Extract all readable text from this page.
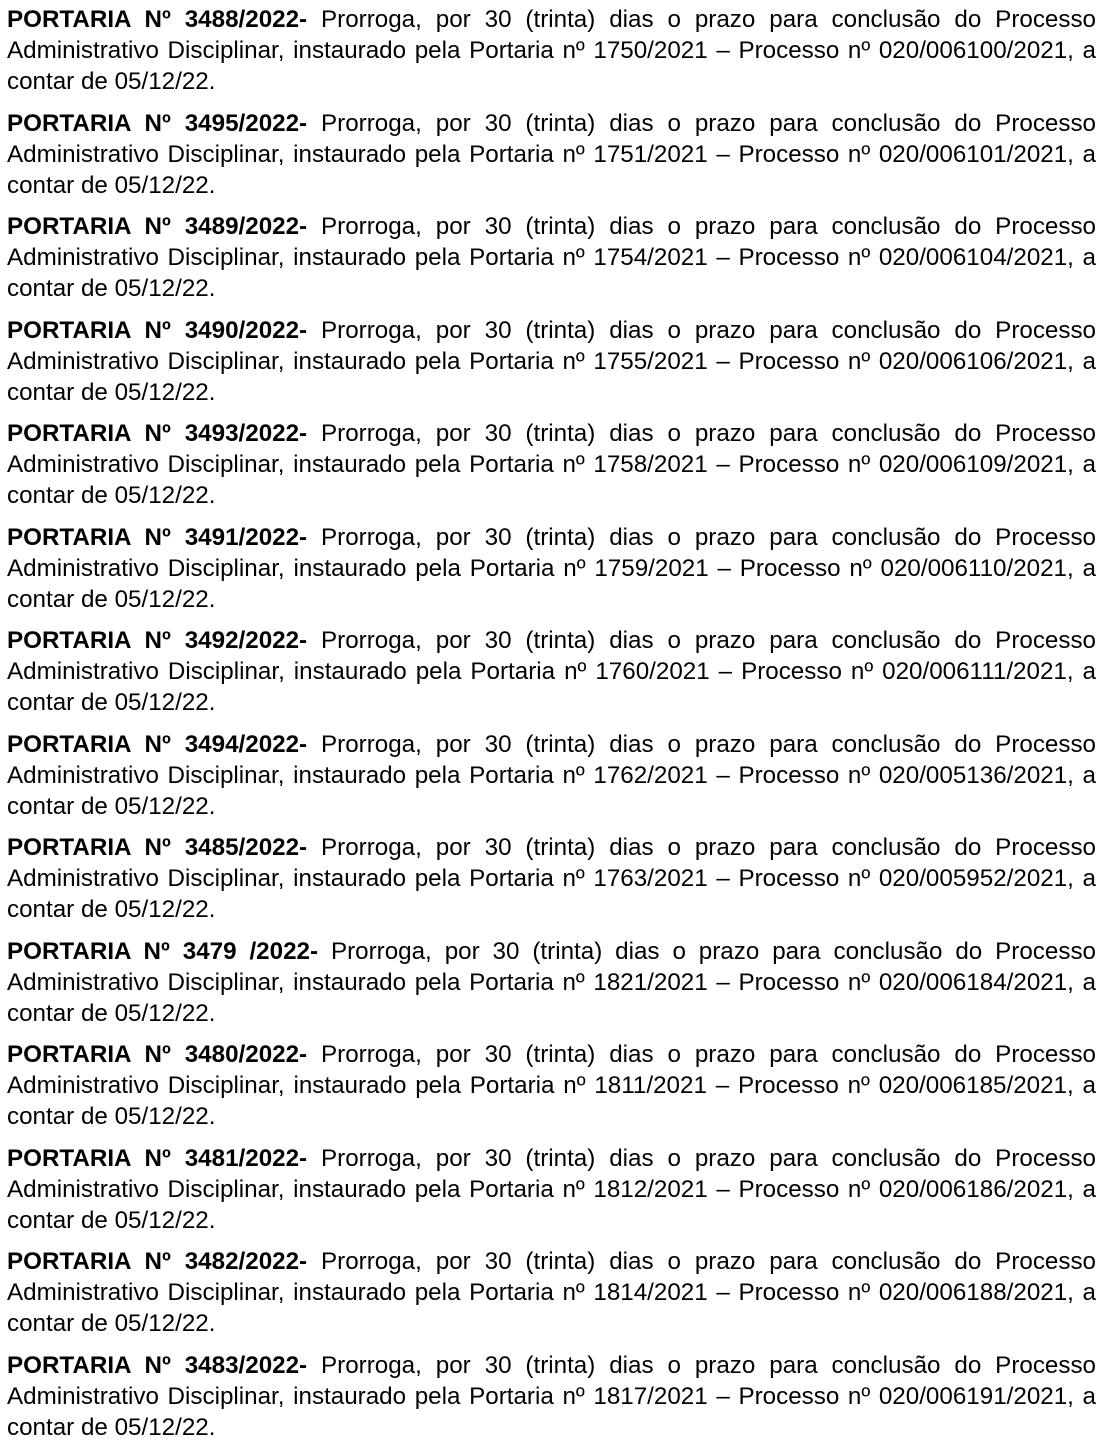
PORTARIA Nº 3488/2022- Prorroga, por 30 (trinta) dias o prazo para conclusão do Processo Administrativo Disciplinar, instaurado pela Portaria nº 1750/2021 – Processo nº 020/006100/2021, a contar de 05/12/22.

PORTARIA Nº 3495/2022- Prorroga, por 30 (trinta) dias o prazo para conclusão do Processo Administrativo Disciplinar, instaurado pela Portaria nº 1751/2021 – Processo nº 020/006101/2021, a contar de 05/12/22.

PORTARIA Nº 3489/2022- Prorroga, por 30 (trinta) dias o prazo para conclusão do Processo Administrativo Disciplinar, instaurado pela Portaria nº 1754/2021 – Processo nº 020/006104/2021, a contar de 05/12/22.

PORTARIA Nº 3490/2022- Prorroga, por 30 (trinta) dias o prazo para conclusão do Processo Administrativo Disciplinar, instaurado pela Portaria nº 1755/2021 – Processo nº 020/006106/2021, a contar de 05/12/22.

PORTARIA Nº 3493/2022- Prorroga, por 30 (trinta) dias o prazo para conclusão do Processo Administrativo Disciplinar, instaurado pela Portaria nº 1758/2021 – Processo nº 020/006109/2021, a contar de 05/12/22.

PORTARIA Nº 3491/2022- Prorroga, por 30 (trinta) dias o prazo para conclusão do Processo Administrativo Disciplinar, instaurado pela Portaria nº 1759/2021 – Processo nº 020/006110/2021, a contar de 05/12/22.

PORTARIA Nº 3492/2022- Prorroga, por 30 (trinta) dias o prazo para conclusão do Processo Administrativo Disciplinar, instaurado pela Portaria nº 1760/2021 – Processo nº 020/006111/2021, a contar de 05/12/22.

PORTARIA Nº 3494/2022- Prorroga, por 30 (trinta) dias o prazo para conclusão do Processo Administrativo Disciplinar, instaurado pela Portaria nº 1762/2021 – Processo nº 020/005136/2021, a contar de 05/12/22.

PORTARIA Nº 3485/2022- Prorroga, por 30 (trinta) dias o prazo para conclusão do Processo Administrativo Disciplinar, instaurado pela Portaria nº 1763/2021 – Processo nº 020/005952/2021, a contar de 05/12/22.

PORTARIA Nº 3479 /2022- Prorroga, por 30 (trinta) dias o prazo para conclusão do Processo Administrativo Disciplinar, instaurado pela Portaria nº 1821/2021 – Processo nº 020/006184/2021, a contar de 05/12/22.

PORTARIA Nº 3480/2022- Prorroga, por 30 (trinta) dias o prazo para conclusão do Processo Administrativo Disciplinar, instaurado pela Portaria nº 1811/2021 – Processo nº 020/006185/2021, a contar de 05/12/22.

PORTARIA Nº 3481/2022- Prorroga, por 30 (trinta) dias o prazo para conclusão do Processo Administrativo Disciplinar, instaurado pela Portaria nº 1812/2021 – Processo nº 020/006186/2021, a contar de 05/12/22.

PORTARIA Nº 3482/2022- Prorroga, por 30 (trinta) dias o prazo para conclusão do Processo Administrativo Disciplinar, instaurado pela Portaria nº 1814/2021 – Processo nº 020/006188/2021, a contar de 05/12/22.

PORTARIA Nº 3483/2022- Prorroga, por 30 (trinta) dias o prazo para conclusão do Processo Administrativo Disciplinar, instaurado pela Portaria nº 1817/2021 – Processo nº 020/006191/2021, a contar de 05/12/22.
